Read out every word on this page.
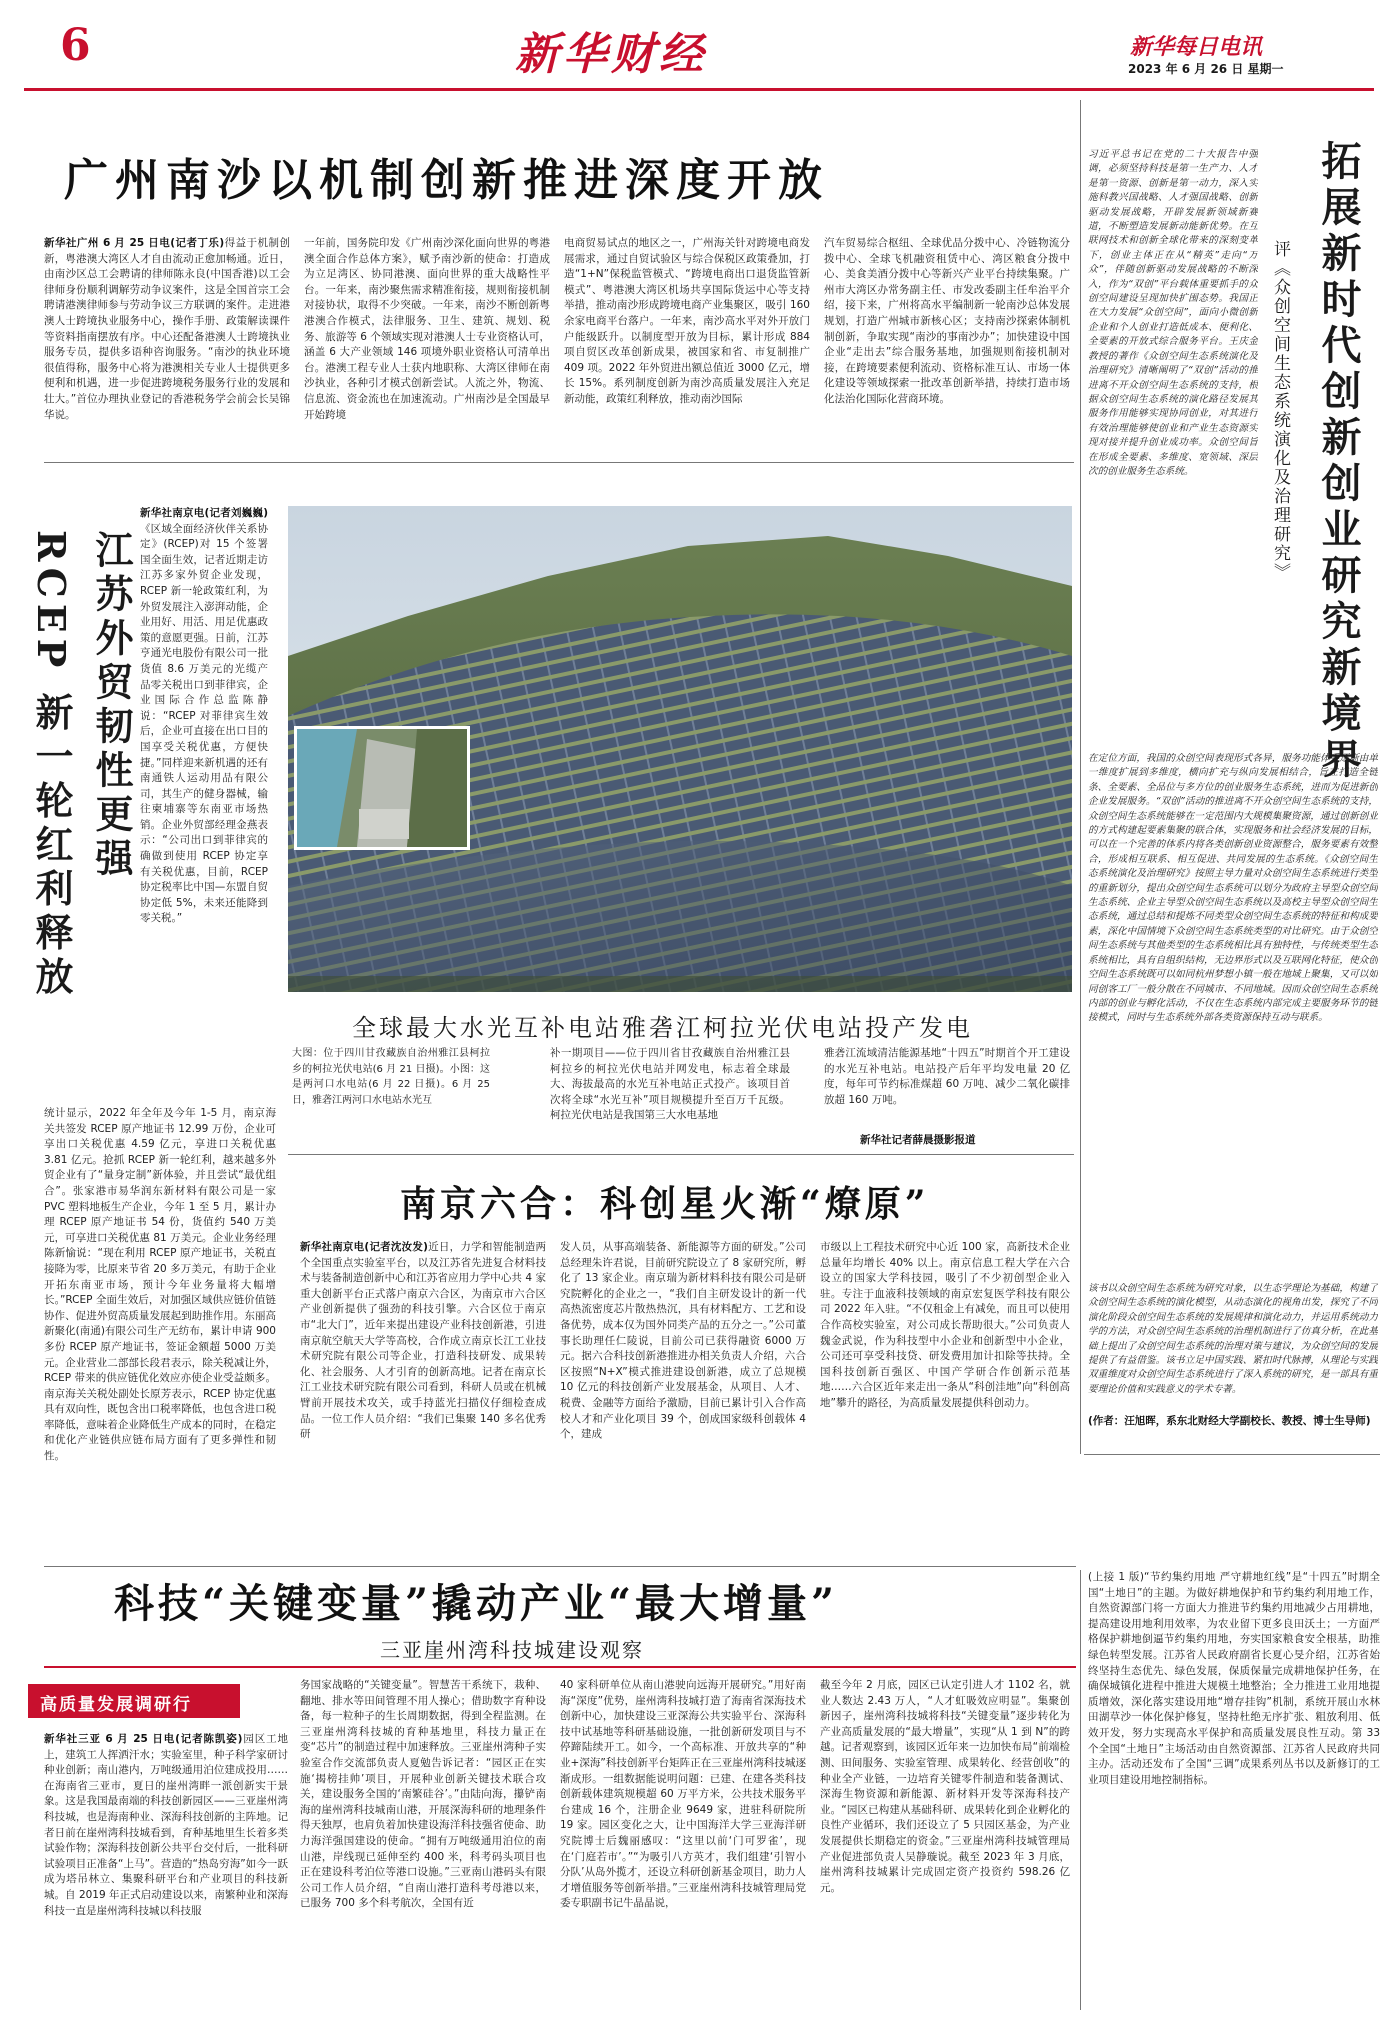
6	新华财经	新华每日电讯
2023 年 6 月 26 日 星期一
广州南沙以机制创新推进深度开放
新华社广州 6 月 25 日电(记者丁乐)得益于机制创新，粤港澳大湾区人才自由流动正愈加畅通。近日，由南沙区总工会聘请的律师陈永良(中国香港)以工会律师身份顺利调解劳动争议案件，这是全国首宗工会聘请港澳律师参与劳动争议三方联调的案件。走进港澳人士跨境执业服务中心，操作手册、政策解读课件等资料指南摆放有序。中心还配备港澳人士跨境执业服务专员，提供多语种咨询服务。“南沙的执业环境很值得称，服务中心将为港澳相关专业人士提供更多便利和机遇，进一步促进跨境税务服务行业的发展和壮大。”首位办理执业登记的香港税务学会前会长吴锦华说。
一年前，国务院印发《广州南沙深化面向世界的粤港澳全面合作总体方案》，赋予南沙新的使命：打造成为立足湾区、协同港澳、面向世界的重大战略性平台。一年来，南沙聚焦需求精准衔接，规则衔接机制对接协状，取得不少突破。一年来，南沙不断创新粤港澳合作模式，法律服务、卫生、建筑、规划、税务、旅游等 6 个领域实现对港澳人士专业资格认可，涵盖 6 大产业领域 146 项境外职业资格认可清单出台。港澳工程专业人士获内地职称、大湾区律师在南沙执业，各种引才模式创新尝试。人流之外，物流、信息流、资金流也在加速流动。广州南沙是全国最早开始跨境
电商贸易试点的地区之一，广州海关针对跨境电商发展需求，通过自贸试验区与综合保税区政策叠加，打造“1+N”保税监管模式、“跨境电商出口退货监管新模式”、粤港澳大湾区机场共享国际货运中心等支持举措，推动南沙形成跨境电商产业集聚区，吸引 160 余家电商平台落户。一年来，南沙高水平对外开放门户能级跃升。以制度型开放为目标，累计形成 884 项自贸区改革创新成果，被国家和省、市复制推广 409 项。2022 年外贸进出额总值近 3000 亿元，增长 15%。系列制度创新为南沙高质量发展注入充足新动能，政策红利释放，推动南沙国际
汽车贸易综合枢纽、全球优品分拨中心、冷链物流分拨中心、全球飞机融资租赁中心、湾区粮食分拨中心、美食美酒分拨中心等新兴产业平台持续集聚。广州市大湾区办常务副主任、市发改委副主任牟治平介绍，接下来，广州将高水平编制新一轮南沙总体发展规划，打造广州城市新核心区；支持南沙探索体制机制创新，争取实现“南沙的事南沙办”；加快建设中国企业“走出去”综合服务基地，加强规则衔接机制对接，在跨境要素便利流动、资格标准互认、市场一体化建设等领域探索一批改革创新举措，持续打造市场化法治化国际化营商环境。
江苏外贸韧性更强
RCEP 新一轮红利释放
新华社南京电(记者刘巍巍)《区域全面经济伙伴关系协定》(RCEP)对 15 个签署国全面生效，记者近期走访江苏多家外贸企业发现，RCEP 新一轮政策红利，为外贸发展注入澎湃动能，企业用好、用活、用足优惠政策的意愿更强。日前，江苏亨通光电股份有限公司一批货值 8.6 万美元的光缆产品零关税出口到菲律宾，企业国际合作总监陈静说：“RCEP 对菲律宾生效后，企业可直接在出口目的国享受关税优惠，方便快捷。”同样迎来新机遇的还有南通铁人运动用品有限公司，其生产的健身器械，输往柬埔寨等东南亚市场热销。企业外贸部经理金燕表示：“公司出口到菲律宾的确做到使用 RCEP 协定享有关税优惠，目前，RCEP 协定税率比中国—东盟自贸协定低 5%，未来还能降到零关税。”
统计显示，2022 年全年及今年 1-5 月，南京海关共签发 RCEP 原产地证书 12.99 万份，企业可享出口关税优惠 4.59 亿元，享进口关税优惠 3.81 亿元。抢抓 RCEP 新一轮红利，越来越多外贸企业有了“量身定制”新体验，并且尝试“最优组合”。张家港市易华润东新材料有限公司是一家 PVC 塑料地板生产企业，今年 1 至 5 月，累计办理 RCEP 原产地证书 54 份，货值约 540 万美元，可享进口关税优惠 81 万美元。企业业务经理陈新愉说：“现在利用 RCEP 原产地证书，关税直接降为零，比原来节省 20 多万美元，有助于企业开拓东南亚市场，预计今年业务量将大幅增长。”RCEP 全面生效后，对加强区域供应链价值链协作、促进外贸高质量发展起到助推作用。东丽高新聚化(南通)有限公司生产无纺布，累计申请 900 多份 RCEP 原产地证书，签证金额超 5000 万美元。企业营业二部部长段君表示，除关税减让外，RCEP 带来的供应链优化效应亦使企业受益颇多。南京海关关税处副处长原芳表示，RCEP 协定优惠具有双向性，既包含出口税率降低，也包含进口税率降低，意味着企业降低生产成本的同时，在稳定和优化产业链供应链布局方面有了更多弹性和韧性。
全球最大水光互补电站雅砻江柯拉光伏电站投产发电
大图：位于四川甘孜藏族自治州雅江县柯拉乡的柯拉光伏电站(6 月 21 日摄)。小图：这是两河口水电站(6 月 22 日摄)。6 月 25 日，雅砻江两河口水电站水光互
补一期项目——位于四川省甘孜藏族自治州雅江县柯拉乡的柯拉光伏电站并网发电，标志着全球最大、海拔最高的水光互补电站正式投产。该项目首次将全球“水光互补”项目规模提升至百万千瓦级。柯拉光伏电站是我国第三大水电基地
雅砻江流域清洁能源基地“十四五”时期首个开工建设的水光互补电站。电站投产后年平均发电量 20 亿度，每年可节约标准煤超 60 万吨、减少二氧化碳排放超 160 万吨。
新华社记者薛晨摄影报道
南京六合：科创星火渐“燎原”
新华社南京电(记者沈汝发)近日，力学和智能制造两个全国重点实验室平台，以及江苏省先进复合材料技术与装备制造创新中心和江苏省应用力学中心共 4 家重大创新平台正式落户南京六合区，为南京市六合区产业创新提供了强劲的科技引擎。六合区位于南京市“北大门”，近年来提出建设产业科技创新港，引进南京航空航天大学等高校，合作成立南京长江工业技术研究院有限公司等企业，打造科技研发、成果转化、社会服务、人才引育的创新高地。记者在南京长江工业技术研究院有限公司看到，科研人员或在机械臂前开展技术攻关，或手持蓝光扫描仪仔细检查成品。一位工作人员介绍：“我们已集聚 140 多名优秀研
发人员，从事高端装备、新能源等方面的研发。”公司总经理朱许君说，目前研究院设立了 8 家研究所，孵化了 13 家企业。南京瑞为新材料科技有限公司是研究院孵化的企业之一，“我们自主研发设计的新一代高热流密度芯片散热热沉，具有材料配方、工艺和设备优势，成本仅为国外同类产品的五分之一。”公司董事长助理任仁陵说，目前公司已获得融资 6000 万元。据六合科技创新港推进办相关负责人介绍，六合区按照“N+X”模式推进建设创新港，成立了总规模 10 亿元的科技创新产业发展基金，从项目、人才、税费、金融等方面给予激励，目前已累计引入合作高校人才和产业化项目 39 个，创成国家级科创载体 4 个，建成
市级以上工程技术研究中心近 100 家，高新技术企业总量年均增长 40% 以上。南京信息工程大学在六合设立的国家大学科技园，吸引了不少初创型企业入驻。专注于血液科技领域的南京宏复医学科技有限公司 2022 年入驻。“不仅租金上有减免，而且可以使用合作高校实验室，对公司成长帮助很大。”公司负责人魏金武说，作为科技型中小企业和创新型中小企业，公司还可享受科技贷、研发费用加计扣除等扶持。全国科技创新百强区、中国产学研合作创新示范基地……六合区近年来走出一条从“科创洼地”向“科创高地”攀升的路径，为高质量发展提供科创动力。
拓展新时代创新创业研究新境界
评《众创空间生态系统演化及治理研究》
习近平总书记在党的二十大报告中强调，必须坚持科技是第一生产力、人才是第一资源、创新是第一动力，深入实施科教兴国战略、人才强国战略、创新驱动发展战略，开辟发展新领域新赛道，不断塑造发展新动能新优势。在互联网技术和创新全球化带来的深刻变革下，创业主体正在从“精英”走向“万众”，伴随创新驱动发展战略的不断深入，作为“双创”平台载体重要抓手的众创空间建设呈现加快扩围态势。我国正在大力发展“众创空间”，面向小微创新企业和个人创业打造低成本、便利化、全要素的开放式综合服务平台。王庆金教授的著作《众创空间生态系统演化及治理研究》清晰阐明了“双创”活动的推进离不开众创空间生态系统的支持，根据众创空间生态系统的演化路径发展其服务作用能够实现协同创业，对其进行有效治理能够使创业和产业生态资源实现对接并提升创业成功率。众创空间旨在形成全要素、多维度、宽领域、深层次的创业服务生态系统。
在定位方面，我国的众创空间表现形式各异，服务功能体系逐渐由单一维度扩展到多维度，横向扩充与纵向发展相结合，旨在打造全链条、全要素、全品位与多方位的创业服务生态系统，进而为促进新创企业发展服务。“双创”活动的推进离不开众创空间生态系统的支持，众创空间生态系统能够在一定范围内大规模集聚资源，通过创新创业的方式构建起要素集聚的联合体，实现服务和社会经济发展的目标，可以在一个完善的体系内将各类创新创业资源整合，服务要素有效整合，形成相互联系、相互促进、共同发展的生态系统。《众创空间生态系统演化及治理研究》按照主导力量对众创空间生态系统进行类型的重新划分，提出众创空间生态系统可以划分为政府主导型众创空间生态系统、企业主导型众创空间生态系统以及高校主导型众创空间生态系统，通过总结和提炼不同类型众创空间生态系统的特征和构成要素，深化中国情境下众创空间生态系统类型的对比研究。由于众创空间生态系统与其他类型的生态系统相比具有独特性，与传统类型生态系统相比，具有自组织结构，无边界形式以及互联网化特征，使众创空间生态系统既可以如同杭州梦想小镇一般在地域上聚集，又可以如同创客工厂一般分散在不同城市、不同地域。因而众创空间生态系统内部的创业与孵化活动，不仅在生态系统内部完成主要服务环节的链接模式，同时与生态系统外部各类资源保持互动与联系。
该书以众创空间生态系统为研究对象，以生态学理论为基础，构建了众创空间生态系统的演化模型，从动态演化的视角出发，探究了不同演化阶段众创空间生态系统的发展规律和演化动力，并运用系统动力学的方法，对众创空间生态系统的治理机制进行了仿真分析，在此基础上提出了众创空间生态系统的治理对策与建议，为众创空间的发展提供了有益借鉴。该书立足中国实践、紧扣时代脉搏，从理论与实践双重维度对众创空间生态系统进行了深入系统的研究，是一部具有重要理论价值和实践意义的学术专著。
(作者：汪旭晖，系东北财经大学副校长、教授、博士生导师)
(上接 1 版)“节约集约用地 严守耕地红线”是“十四五”时期全国“土地日”的主题。为做好耕地保护和节约集约利用地工作，自然资源部门将一方面大力推进节约集约用地减少占用耕地，提高建设用地利用效率，为农业留下更多良田沃土；一方面严格保护耕地倒逼节约集约用地，夯实国家粮食安全根基，助推绿色转型发展。江苏省人民政府副省长夏心旻介绍，江苏省始终坚持生态优先、绿色发展，保质保量完成耕地保护任务，在确保城镇化进程中推进大规模土地整治；全力推进工业用地提质增效，深化落实建设用地“增存挂钩”机制，系统开展山水林田湖草沙一体化保护修复，坚持杜绝无序扩张、粗放利用、低效开发，努力实现高水平保护和高质量发展良性互动。第 33 个全国“土地日”主场活动由自然资源部、江苏省人民政府共同主办。活动还发布了全国“三调”成果系列丛书以及新修订的工业项目建设用地控制指标。
科技“关键变量”撬动产业“最大增量”
三亚崖州湾科技城建设观察
高质量发展调研行
新华社三亚 6 月 25 日电(记者陈凯姿)园区工地上，建筑工人挥洒汗水；实验室里，种子科学家研讨种业创新；南山港内，万吨级通用泊位建成投用……在海南省三亚市，夏日的崖州湾畔一派创新实干景象。这是我国最南端的科技创新园区——三亚崖州湾科技城，也是海南种业、深海科技创新的主阵地。记者日前在崖州湾科技城看到，育种基地里生长着多类试验作物；深海科技创新公共平台交付后，一批科研试验项目正准备“上马”。营造的“热岛穷海”如今一跃成为塔吊林立、集聚科研平台和产业项目的科技新城。自 2019 年正式启动建设以来，南繁种业和深海科技一直是崖州湾科技城以科技服
务国家战略的“关键变量”。智慧苦干系统下，栽种、翻地、排水等田间管理不用人操心；借助数字育种设备，每一粒种子的生长周期数据，得到全程监测。在三亚崖州湾科技城的育种基地里，科技力量正在变“芯片”的制造过程中加速释放。三亚崖州湾种子实验室合作交流部负责人夏勉告诉记者：“园区正在实施‘揭榜挂帅’项目，开展种业创新关键技术联合攻关，建设服务全国的‘南繁硅谷’。”由陆向海，攥铲南海的崖州湾科技城南山港，开展深海科研的地理条件得天独厚，也肩负着加快建设海洋科技强省使命、助力海洋强国建设的使命。“拥有万吨级通用泊位的南山港，岸线现已延伸至约 400 米，科考码头项目也正在建设科考泊位等港口设施。”三亚南山港码头有限公司工作人员介绍，“自南山港打造科考母港以来，已服务 700 多个科考航次，全国有近
40 家科研单位从南山港驶向远海开展研究。”用好南海“深度”优势，崖州湾科技城打造了海南省深海技术创新中心，加快建设三亚深海公共实验平台、深海科技中试基地等科研基础设施，一批创新研发项目与不停蹄陆续开工。如今，一个高标准、开放共享的“种业+深海”科技创新平台矩阵正在三亚崖州湾科技城逐渐成形。一组数据能说明问题：已建、在建各类科技创新载体建筑规模超 60 万平方米，公共技术服务平台建成 16 个，注册企业 9649 家，进驻科研院所 19 家。园区变化之大，让中国海洋大学三亚海洋研究院博士后魏丽感叹：“这里以前‘门可罗雀’，现在‘门庭若市’。”“为吸引八方英才，我们组建‘引智小分队’从岛外揽才，还设立科研创新基金项目，助力人才增值服务等创新举措。”三亚崖州湾科技城管理局党委专职副书记牛晶晶说，
截至今年 2 月底，园区已认定引进人才 1102 名，就业人数达 2.43 万人，“人才虹吸效应明显”。集聚创新因子，崖州湾科技城将科技“关键变量”逐步转化为产业高质量发展的“最大增量”，实现“从 1 到 N”的跨越。记者观察到，该园区近年来一边加快布局“前端检测、田间服务、实验室管理、成果转化、经营创收”的种业全产业链，一边培育关键零件制造和装备测试、深海生物资源和新能源、新材料开发等深海科技产业。“园区已构建从基础科研、成果转化到企业孵化的良性产业循环，我们还设立了 5 只园区基金，为产业发展提供长期稳定的资金。”三亚崖州湾科技城管理局产业促进部负责人吴静璇说。截至 2023 年 3 月底，崖州湾科技城累计完成固定资产投资约 598.26 亿元。
